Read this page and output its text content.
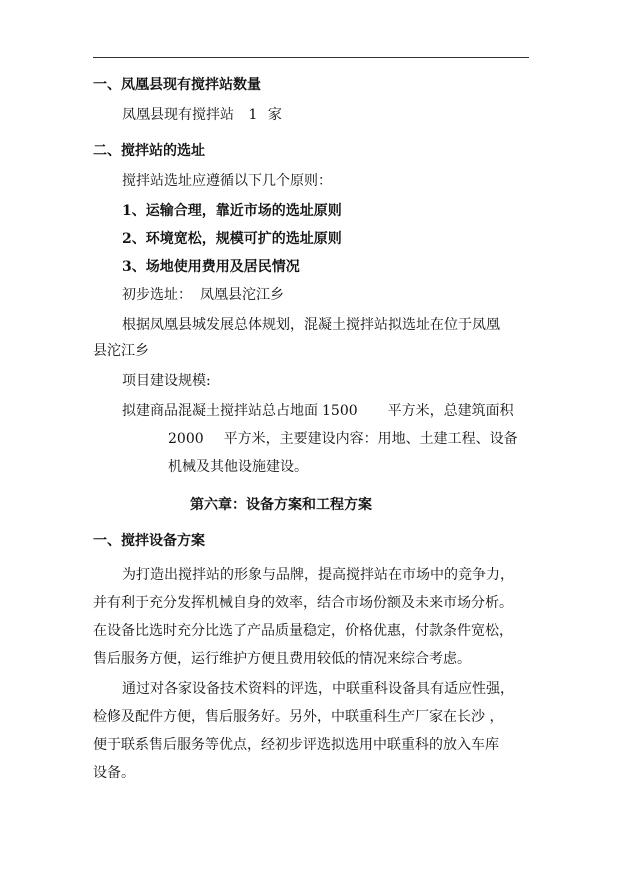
一、凤凰县现有搅拌站数量
凤凰县现有搅拌站 1 家
二、搅拌站的选址
搅拌站选址应遵循以下几个原则：
1、运输合理，靠近市场的选址原则
2、环境宽松，规模可扩的选址原则
3、场地使用费用及居民情况
初步选址： 凤凰县沱江乡
根据凤凰县城发展总体规划，混凝土搅拌站拟选址在位于凤凰
县沱江乡
项目建设规模:
拟建商品混凝土搅拌站总占地面 1500 平方米，总建筑面积
2000 平方米，主要建设内容：用地、土建工程、设备
机械及其他设施建设。
第六章：设备方案和工程方案
一、搅拌设备方案
为打造出搅拌站的形象与品牌，提高搅拌站在市场中的竞争力，
并有利于充分发挥机械自身的效率，结合市场份额及未来市场分析。
在设备比选时充分比选了产品质量稳定，价格优惠，付款条件宽松，
售后服务方便，运行维护方便且费用较低的情况来综合考虑。
通过对各家设备技术资料的评选，中联重科设备具有适应性强，
检修及配件方便，售后服务好。另外，中联重科生产厂家在长沙 ，
便于联系售后服务等优点，经初步评选拟选用中联重科的放入车库
设备。
